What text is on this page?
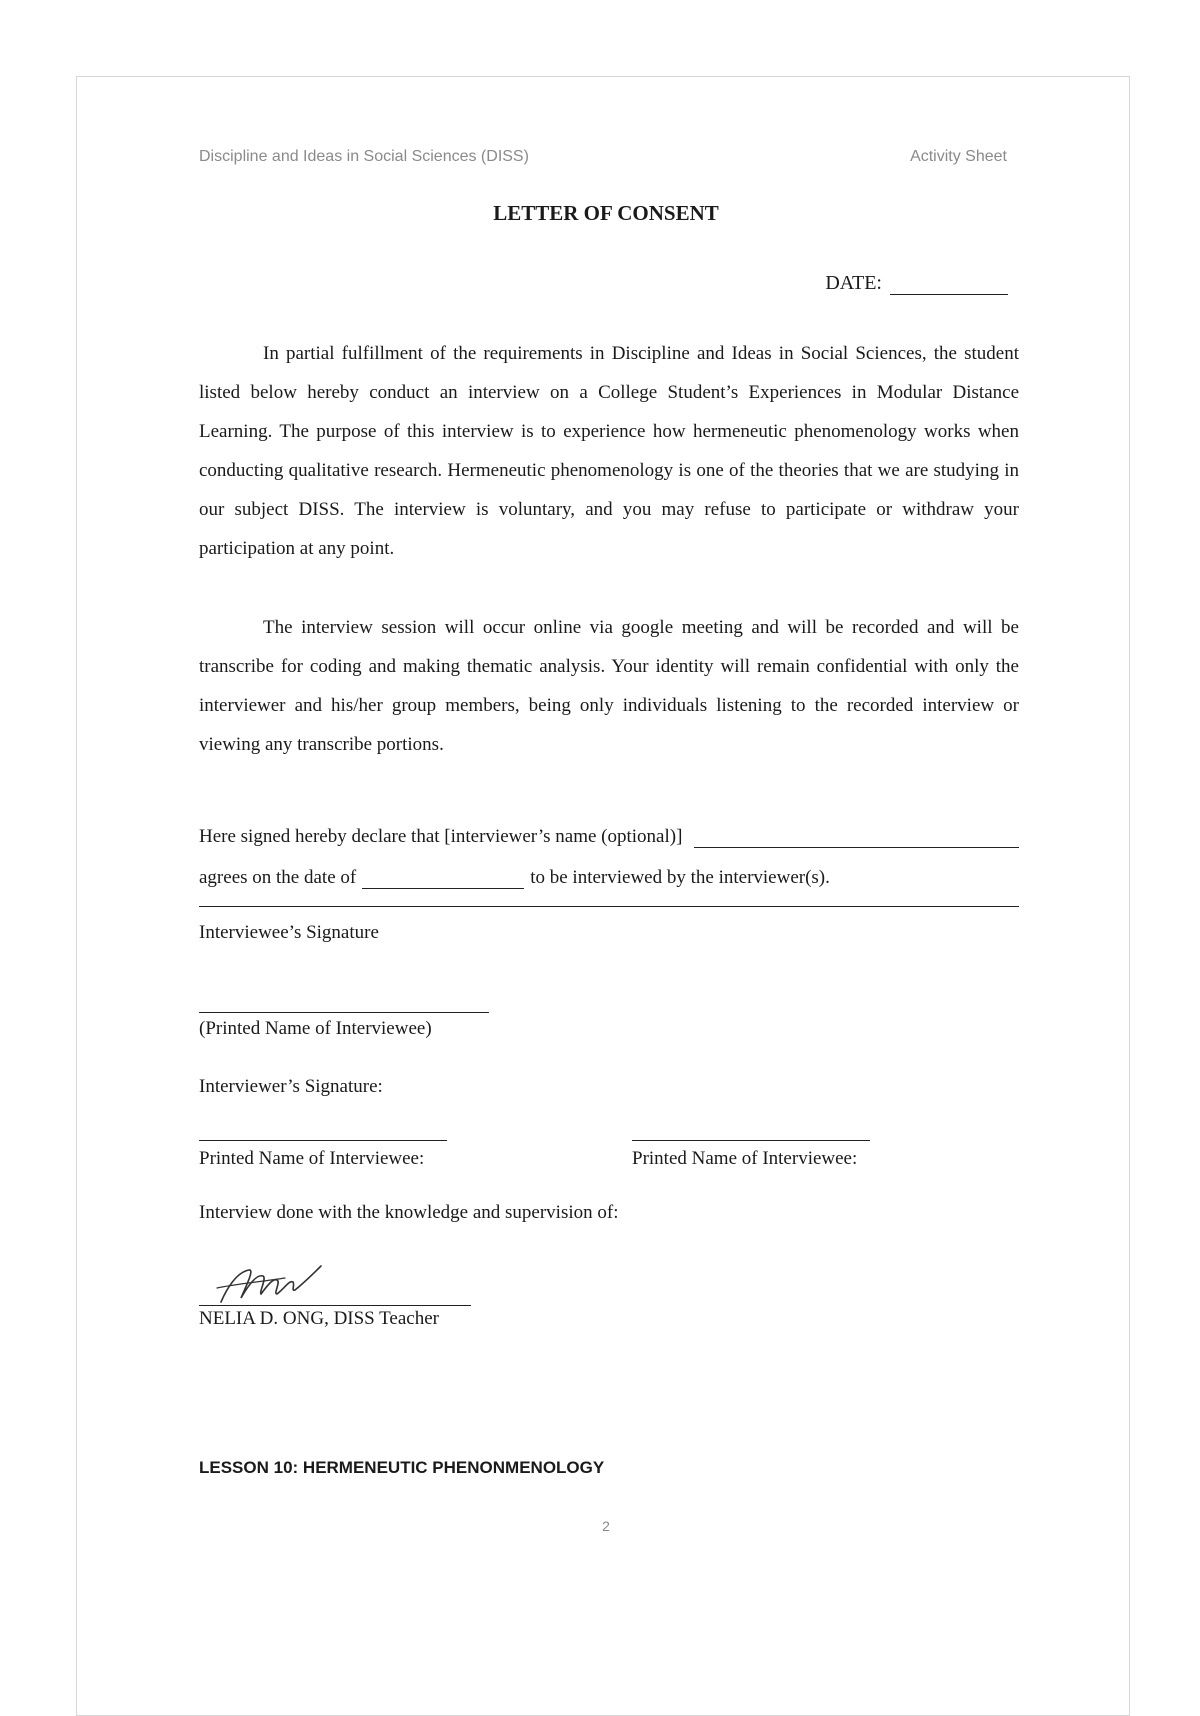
Discipline and Ideas in Social Sciences (DISS)	Activity Sheet
LETTER OF CONSENT
DATE:

In partial fulfillment of the requirements in Discipline and Ideas in Social Sciences, the student listed below hereby conduct an interview on a College Student’s Experiences in Modular Distance Learning. The purpose of this interview is to experience how hermeneutic phenomenology works when conducting qualitative research. Hermeneutic phenomenology is one of the theories that we are studying in our subject DISS. The interview is voluntary, and you may refuse to participate or withdraw your participation at any point.

The interview session will occur online via google meeting and will be recorded and will be transcribe for coding and making thematic analysis. Your identity will remain confidential with only the interviewer and his/her group members, being only individuals listening to the recorded interview or viewing any transcribe portions.

Here signed hereby declare that [interviewer’s name (optional)]
agrees on the date of	to be interviewed by the interviewer(s).
Interviewee’s Signature
(Printed Name of Interviewee)
Interviewer’s Signature:
Printed Name of Interviewee:	Printed Name of Interviewee:
Interview done with the knowledge and supervision of:
NELIA D. ONG, DISS Teacher
LESSON 10: HERMENEUTIC PHENONMENOLOGY
2
